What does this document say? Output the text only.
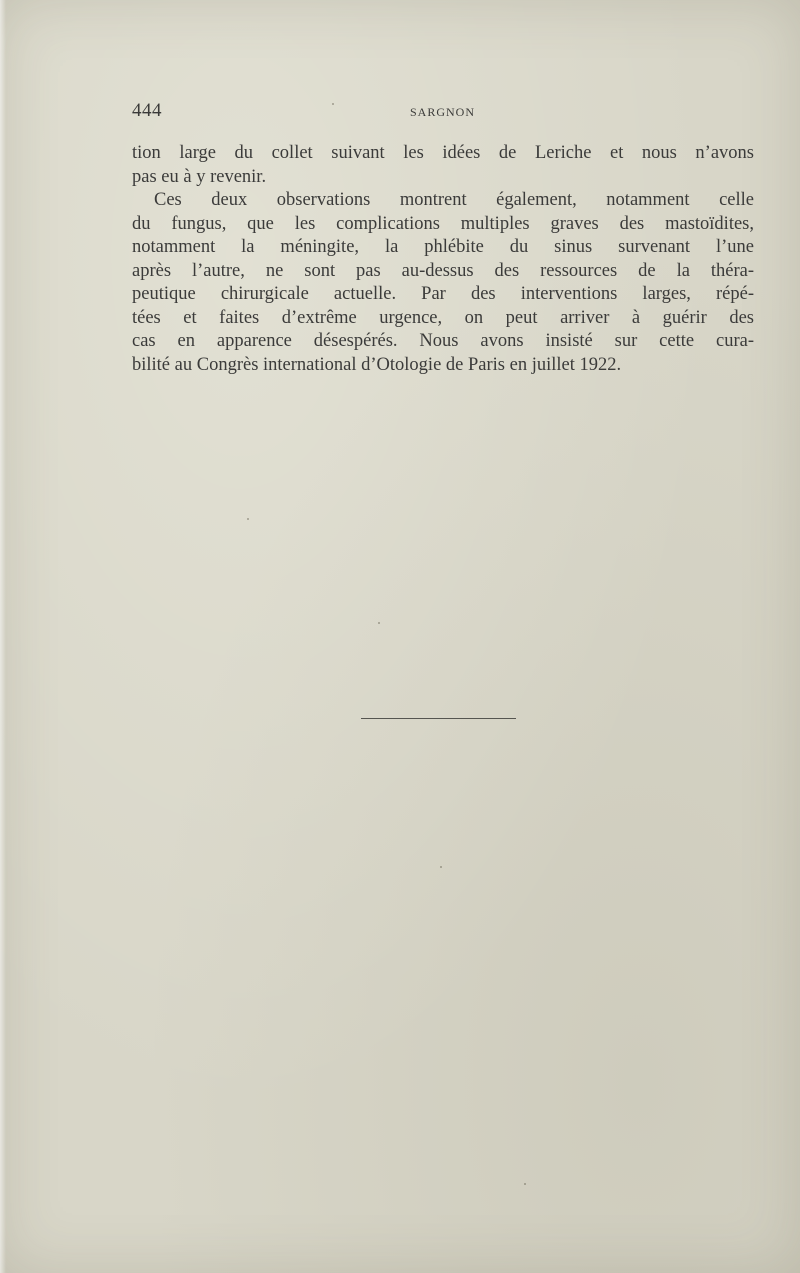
444	SARGNON
tion large du collet suivant les idées de Leriche et nous n’avons
pas eu à y revenir.
Ces deux observations montrent également, notamment celle
du fungus, que les complications multiples graves des mastoïdites,
notamment la méningite, la phlébite du sinus survenant l’une
après l’autre, ne sont pas au-dessus des ressources de la théra-
peutique chirurgicale actuelle. Par des interventions larges, répé-
tées et faites d’extrême urgence, on peut arriver à guérir des
cas en apparence désespérés. Nous avons insisté sur cette cura-
bilité au Congrès international d’Otologie de Paris en juillet 1922.
